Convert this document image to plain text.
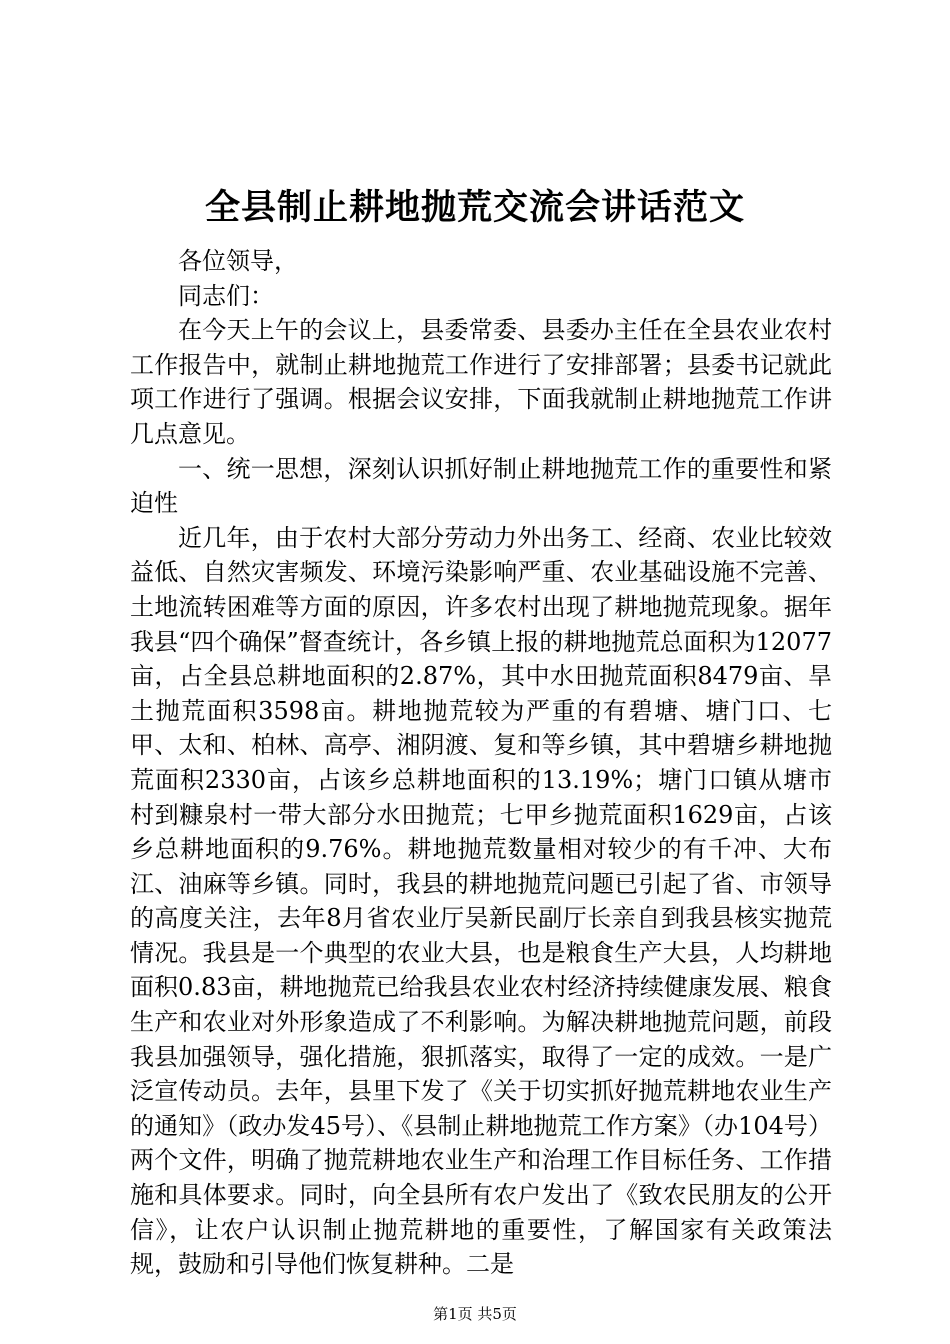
全县制止耕地抛荒交流会讲话范文

各位领导，

同志们：

在今天上午的会议上，县委常委、县委办主任在全县农业农村工作报告中，就制止耕地抛荒工作进行了安排部署；县委书记就此项工作进行了强调。根据会议安排，下面我就制止耕地抛荒工作讲几点意见。

一、统一思想，深刻认识抓好制止耕地抛荒工作的重要性和紧迫性

近几年，由于农村大部分劳动力外出务工、经商、农业比较效益低、自然灾害频发、环境污染影响严重、农业基础设施不完善、土地流转困难等方面的原因，许多农村出现了耕地抛荒现象。据年我县“四个确保”督查统计，各乡镇上报的耕地抛荒总面积为12077亩，占全县总耕地面积的2.87%，其中水田抛荒面积8479亩、旱土抛荒面积3598亩。耕地抛荒较为严重的有碧塘、塘门口、七甲、太和、柏林、高亭、湘阴渡、复和等乡镇，其中碧塘乡耕地抛荒面积2330亩，占该乡总耕地面积的13.19%；塘门口镇从塘市村到糠泉村一带大部分水田抛荒；七甲乡抛荒面积1629亩，占该乡总耕地面积的9.76%。耕地抛荒数量相对较少的有千冲、大布江、油麻等乡镇。同时，我县的耕地抛荒问题已引起了省、市领导的高度关注，去年8月省农业厅吴新民副厅长亲自到我县核实抛荒情况。我县是一个典型的农业大县，也是粮食生产大县，人均耕地面积0.83亩，耕地抛荒已给我县农业农村经济持续健康发展、粮食生产和农业对外形象造成了不利影响。为解决耕地抛荒问题，前段我县加强领导，强化措施，狠抓落实，取得了一定的成效。一是广泛宣传动员。去年，县里下发了《关于切实抓好抛荒耕地农业生产的通知》（政办发45号）、《县制止耕地抛荒工作方案》（办104号）两个文件，明确了抛荒耕地农业生产和治理工作目标任务、工作措施和具体要求。同时，向全县所有农户发出了《致农民朋友的公开信》，让农户认识制止抛荒耕地的重要性，了解国家有关政策法规，鼓励和引导他们恢复耕种。二是

第1页 共5页
